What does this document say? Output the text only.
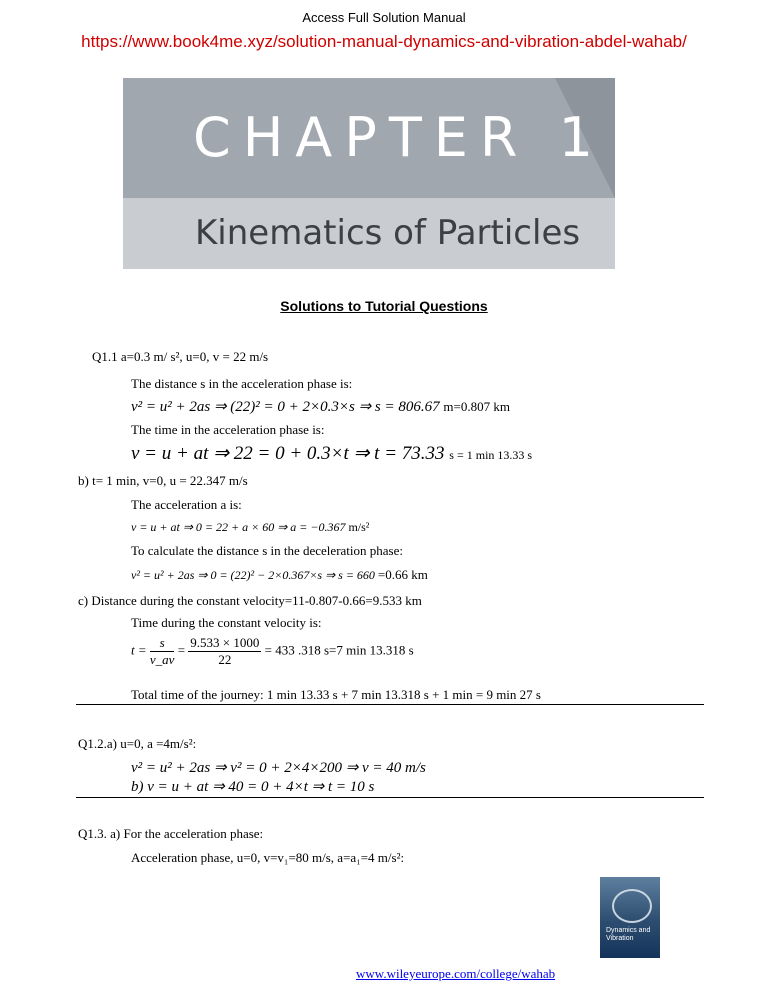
Access Full Solution Manual
https://www.book4me.xyz/solution-manual-dynamics-and-vibration-abdel-wahab/
CHAPTER 1
Kinematics of Particles
Solutions to Tutorial Questions
Q1.1 a=0.3 m/ s², u=0, v = 22 m/s
The distance s in the acceleration phase is:
v² = u² + 2as ⇒ (22)² = 0 + 2×0.3×s ⇒ s = 806.67 m=0.807 km
The time in the acceleration phase is:
v = u + at ⇒ 22 = 0 + 0.3×t ⇒ t = 73.33 s = 1 min 13.33 s
b) t= 1 min, v=0, u = 22.347 m/s
The acceleration a is:
v = u + at ⇒ 0 = 22 + a × 60 ⇒ a = −0.367 m/s²
To calculate the distance s in the deceleration phase:
v² = u² + 2as ⇒ 0 = (22)² − 2×0.367×s ⇒ s = 660 =0.66 km
c) Distance during the constant velocity=11-0.807-0.66=9.533 km
Time during the constant velocity is:
$t = \frac{s}{v\_av} = \frac{9.533 \times 1000}{22} = 433$ .318 s=7 min 13.318 s
Total time of the journey: 1 min 13.33 s + 7 min 13.318 s + 1 min = 9 min 27 s
Q1.2.a) u=0, a =4m/s²:
v² = u² + 2as ⇒ v² = 0 + 2×4×200 ⇒ v = 40 m/s
b) v = u + at ⇒ 40 = 0 + 4×t ⇒ t = 10 s
Q1.3. a) For the acceleration phase:
Acceleration phase, u=0, v=v₁=80 m/s, a=a₁=4 m/s²:
Dynamics and Vibration
www.wileyeurope.com/college/wahab
